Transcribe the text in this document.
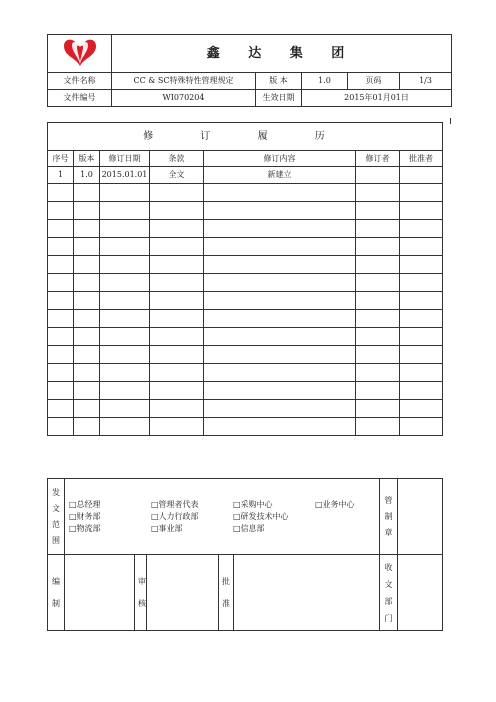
	鑫 达 集 团				
文件名称	CC & SC特殊特性管理规定	版 本	1.0	页码	1/3
文件编号	WI070204	生效日期	2015年01月01日		
修 订 履 历						
序号	版本	修订日期	条款	修订内容	修订者	批准者
1	1.0	2015.01.01	全文	新建立		

发文范围	□总经理 □管理者代表 □采购中心 □业务中心
□财务部 □人力行政部 □研发技术中心
□物流部 □事业部 □信息部					管制章	

编制		审核		批准		收文部门	
